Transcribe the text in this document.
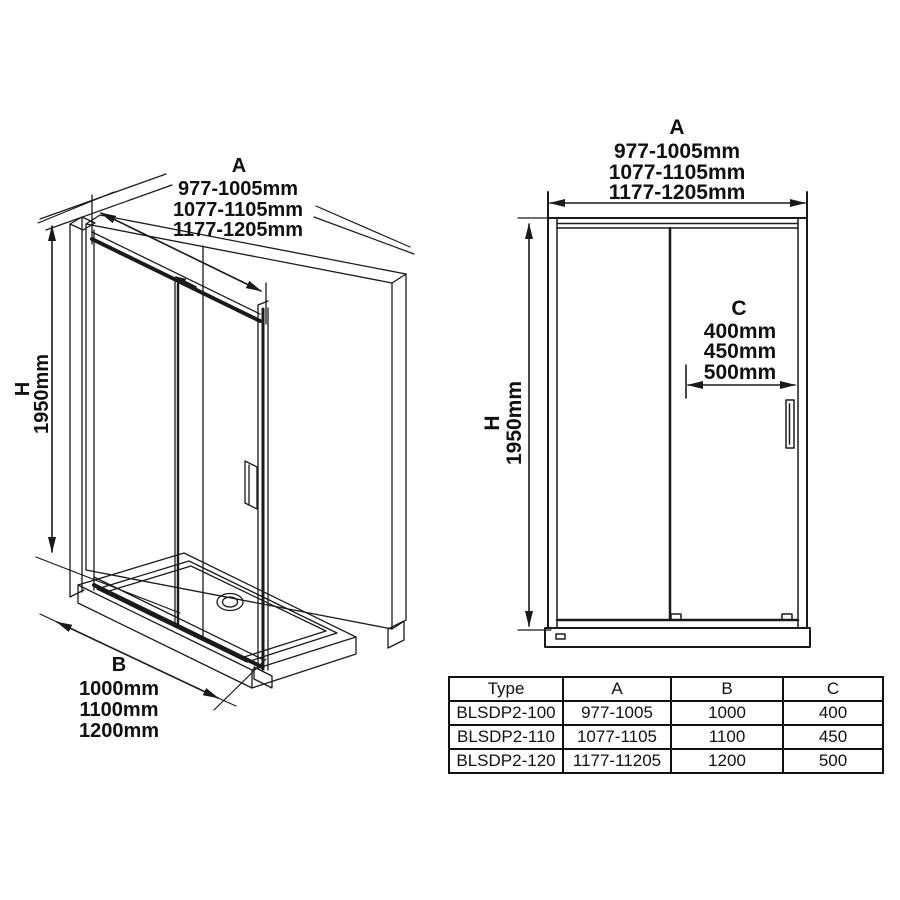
A
977-1005mm
1077-1105mm
1177-1205mm
H
1950mm
B
1000mm
1100mm
1200mm
A
977-1005mm
1077-1105mm
1177-1205mm
C
400mm
450mm
500mm
H 1950mm
Type	A	B	C
BLSDP2-100	977-1005	1000	400
BLSDP2-110	1077-1105	1100	450
BLSDP2-120	1177-11205	1200	500
